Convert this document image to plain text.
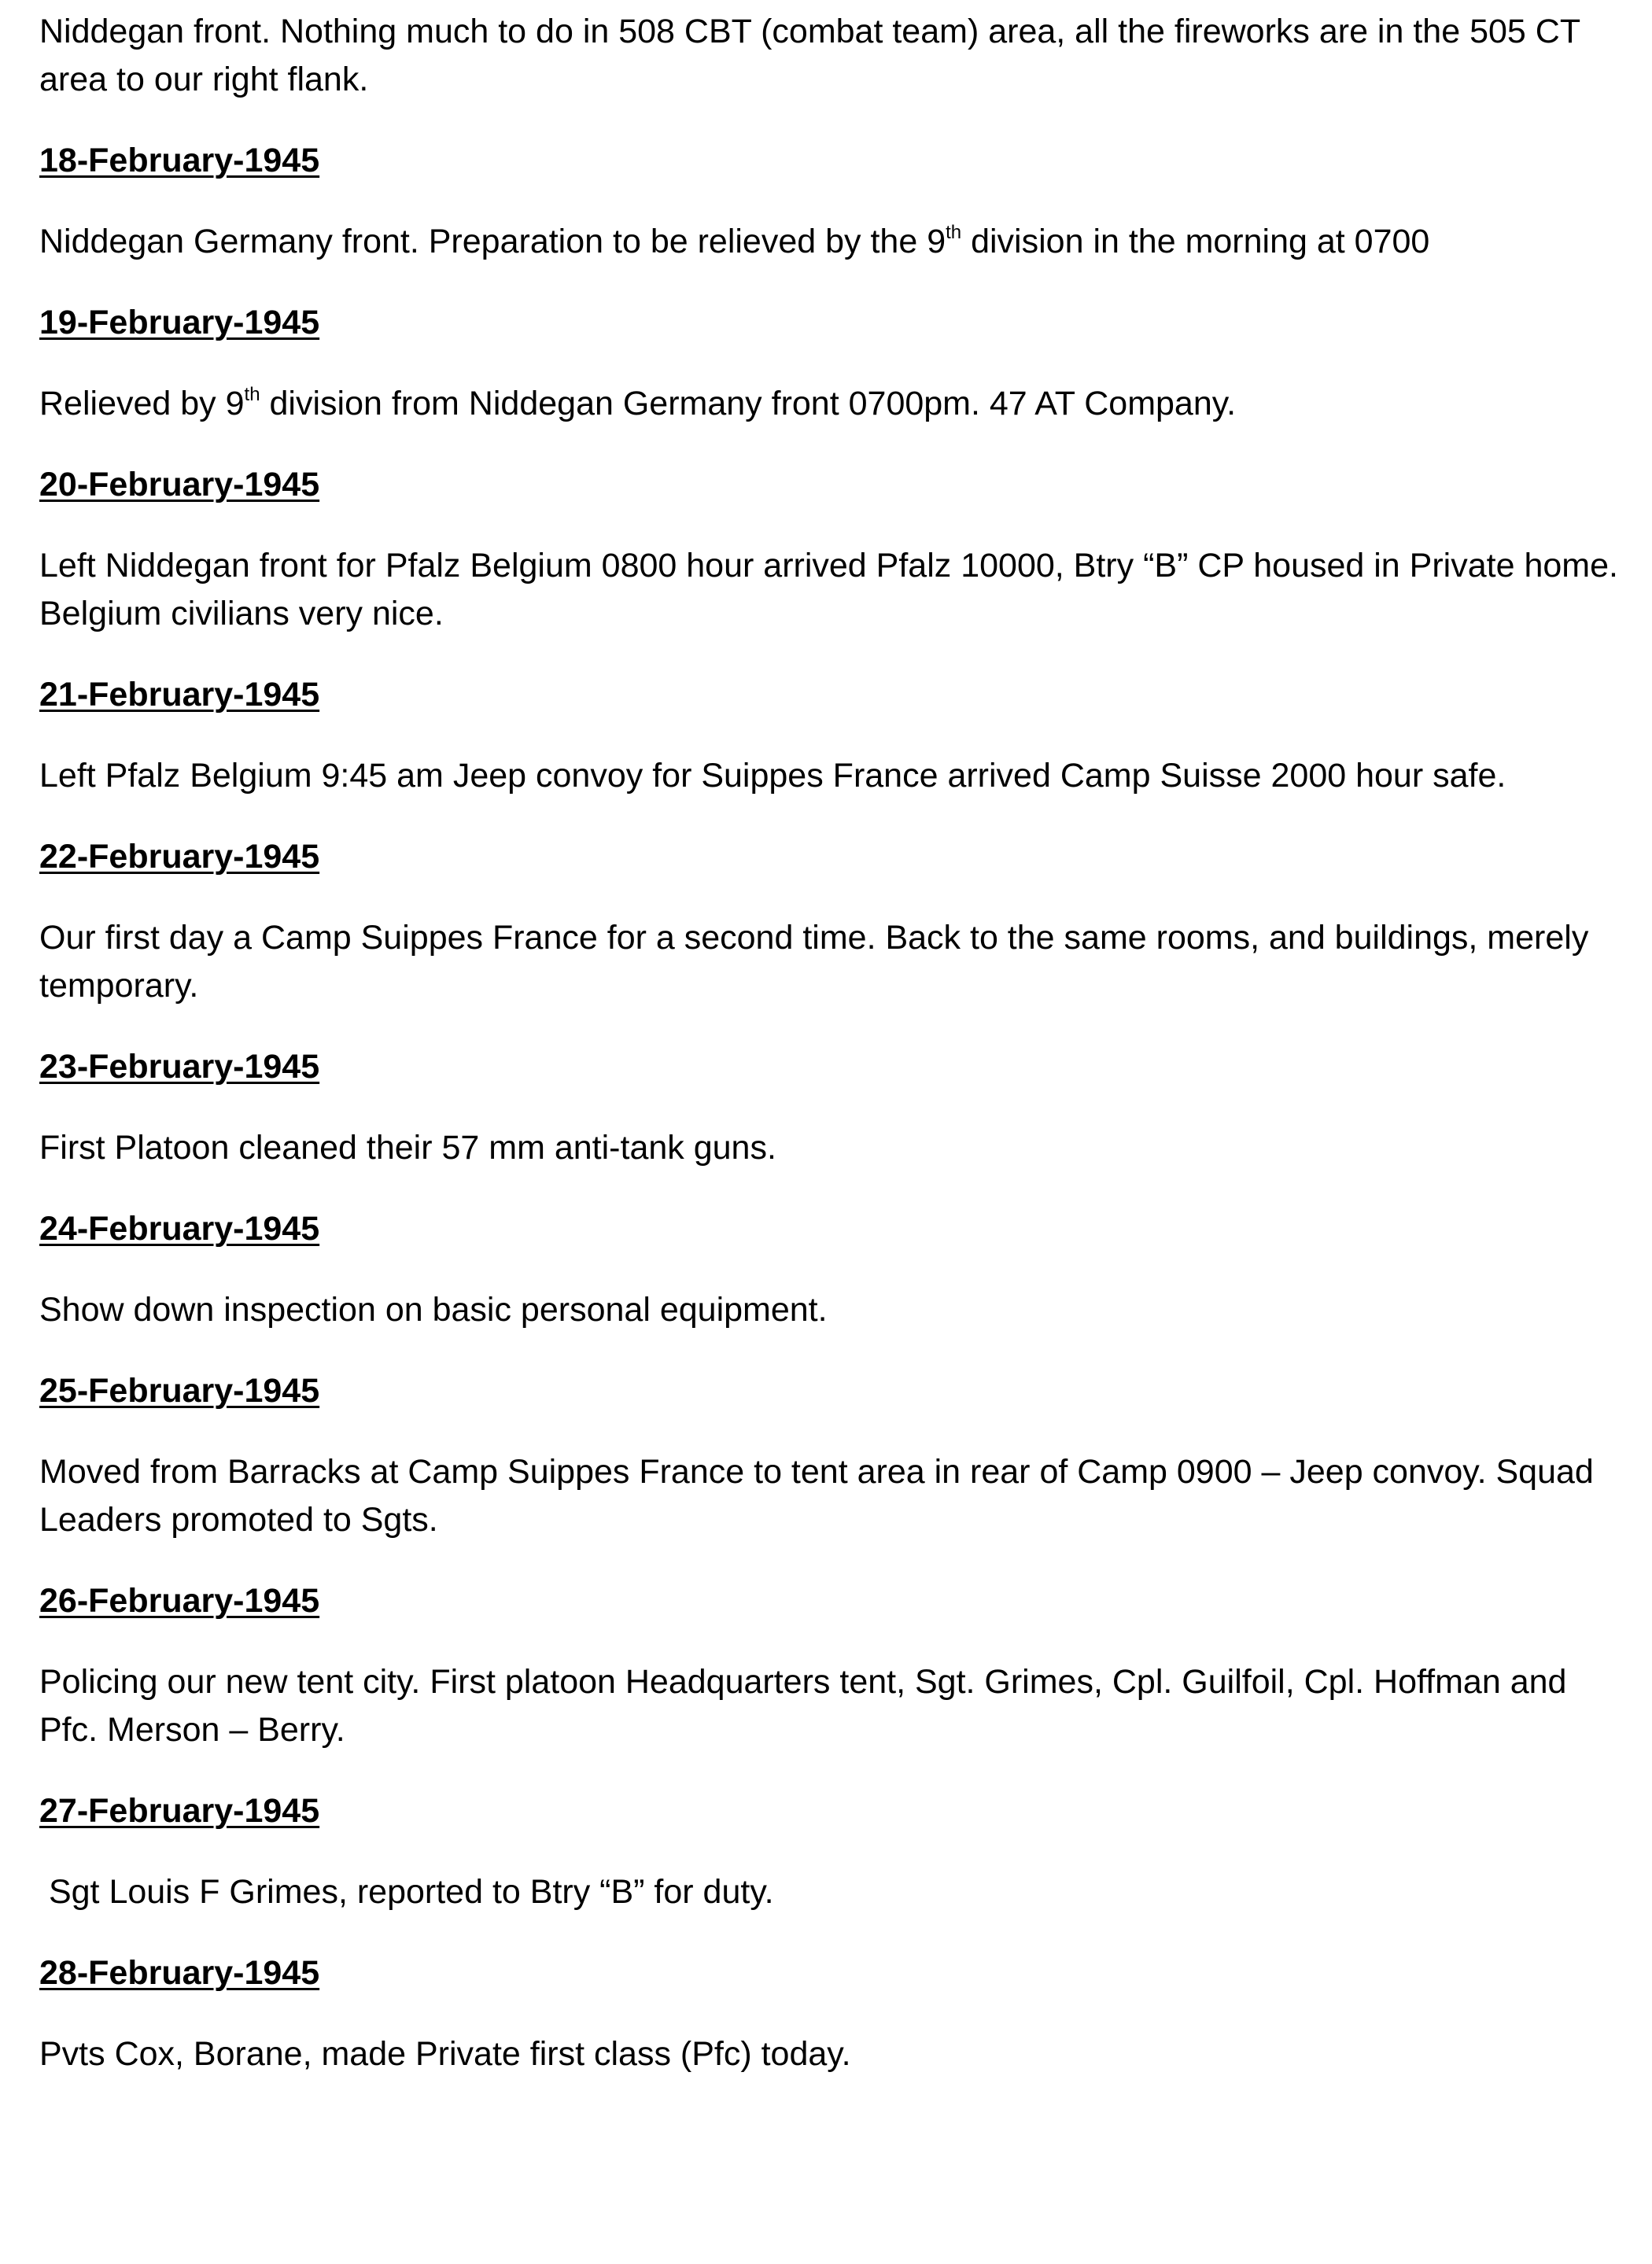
Niddegan front. Nothing much to do in 508 CBT (combat team) area, all the fireworks are in the 505 CT area to our right flank.

18-February-1945

Niddegan Germany front. Preparation to be relieved by the 9th division in the morning at 0700

19-February-1945

Relieved by 9th division from Niddegan Germany front 0700pm. 47 AT Company.

20-February-1945

Left Niddegan front for Pfalz Belgium 0800 hour arrived Pfalz 10000, Btry “B” CP housed in Private home. Belgium civilians very nice.

21-February-1945

Left Pfalz Belgium 9:45 am Jeep convoy for Suippes France arrived Camp Suisse 2000 hour safe.

22-February-1945

Our first day a Camp Suippes France for a second time. Back to the same rooms, and buildings, merely temporary.

23-February-1945

First Platoon cleaned their 57 mm anti-tank guns.

24-February-1945

Show down inspection on basic personal equipment.

25-February-1945

Moved from Barracks at Camp Suippes France to tent area in rear of Camp 0900 – Jeep convoy. Squad Leaders promoted to Sgts.

26-February-1945

Policing our new tent city. First platoon Headquarters tent, Sgt. Grimes, Cpl. Guilfoil, Cpl. Hoffman and Pfc. Merson – Berry.

27-February-1945

Sgt Louis F Grimes, reported to Btry “B” for duty.

28-February-1945

Pvts Cox, Borane, made Private first class (Pfc) today.
